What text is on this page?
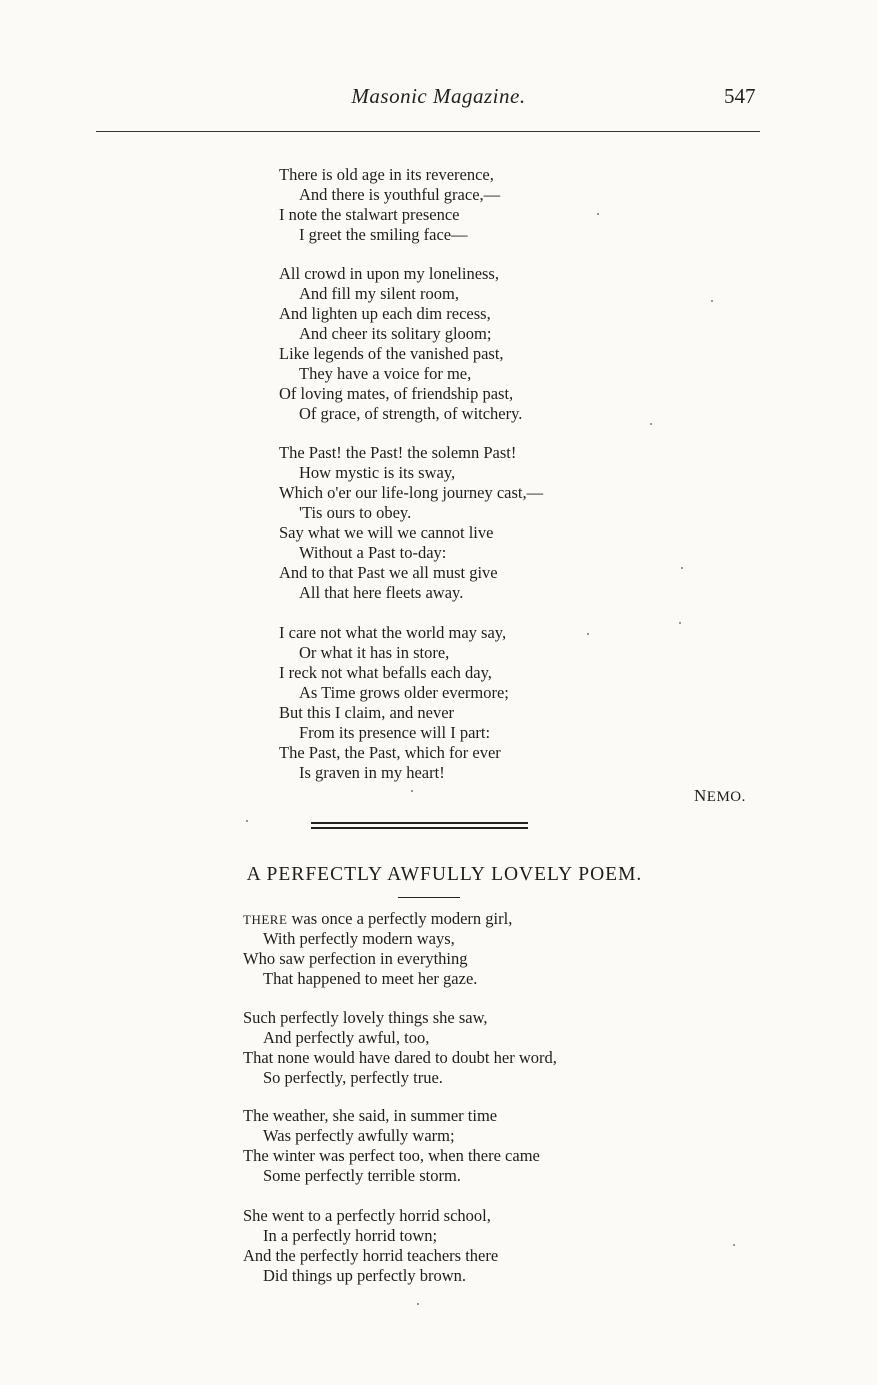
Masonic Magazine.	547
There is old age in its reverence,
And there is youthful grace,—
I note the stalwart presence
I greet the smiling face—
All crowd in upon my loneliness,
And fill my silent room,
And lighten up each dim recess,
And cheer its solitary gloom;
Like legends of the vanished past,
They have a voice for me,
Of loving mates, of friendship past,
Of grace, of strength, of witchery.
The Past! the Past! the solemn Past!
How mystic is its sway,
Which o'er our life-long journey cast,—
'Tis ours to obey.
Say what we will we cannot live
Without a Past to-day:
And to that Past we all must give
All that here fleets away.
I care not what the world may say,
Or what it has in store,
I reck not what befalls each day,
As Time grows older evermore;
But this I claim, and never
From its presence will I part:
The Past, the Past, which for ever
Is graven in my heart!
NEMO.
A PERFECTLY AWFULLY LOVELY POEM.
THERE was once a perfectly modern girl,
With perfectly modern ways,
Who saw perfection in everything
That happened to meet her gaze.
Such perfectly lovely things she saw,
And perfectly awful, too,
That none would have dared to doubt her word,
So perfectly, perfectly true.
The weather, she said, in summer time
Was perfectly awfully warm;
The winter was perfect too, when there came
Some perfectly terrible storm.
She went to a perfectly horrid school,
In a perfectly horrid town;
And the perfectly horrid teachers there
Did things up perfectly brown.
